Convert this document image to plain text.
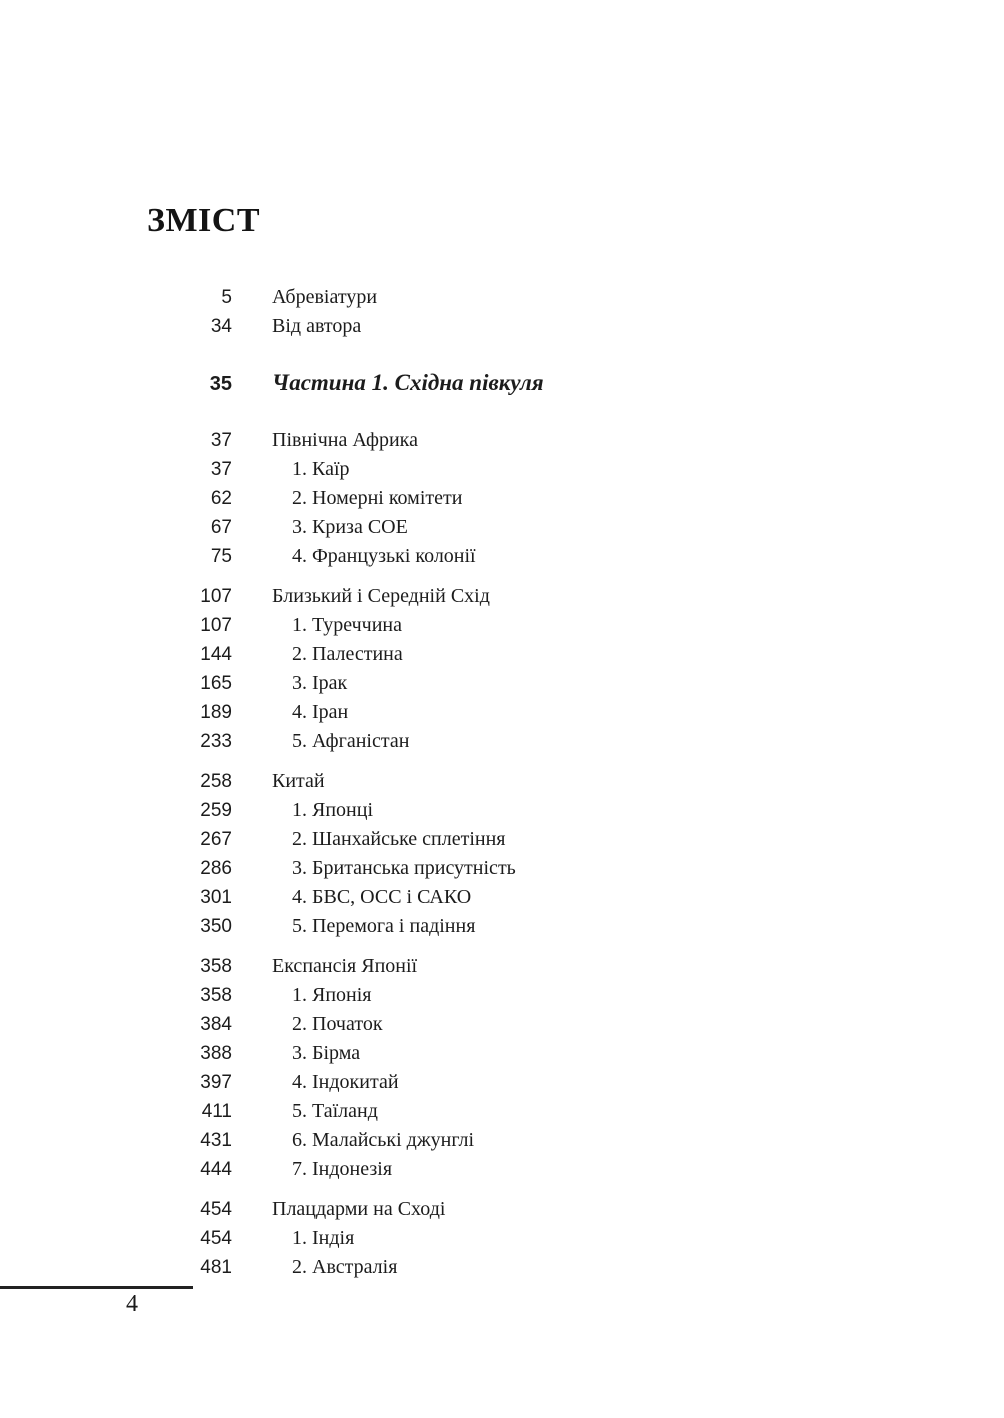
ЗМІСТ
5 Абревіатури
34 Від автора
35 Частина 1. Східна півкуля
37 Північна Африка
37	1. Каїр
62	2. Номерні комітети
67	3. Криза СОЕ
75	4. Французькі колонії
107 Близький і Середній Схід
107	1. Туреччина
144	2. Палестина
165	3. Ірак
189	4. Іран
233	5. Афганістан
258 Китай
259	1. Японці
267	2. Шанхайське сплетіння
286	3. Британська присутність
301	4. БВС, ОСС і САКО
350	5. Перемога і падіння
358 Експансія Японії
358	1. Японія
384	2. Початок
388	3. Бірма
397	4. Індокитай
411	5. Таїланд
431	6. Малайські джунглі
444	7. Індонезія
454 Плацдарми на Сході
454	1. Індія
481	2. Австралія
4
